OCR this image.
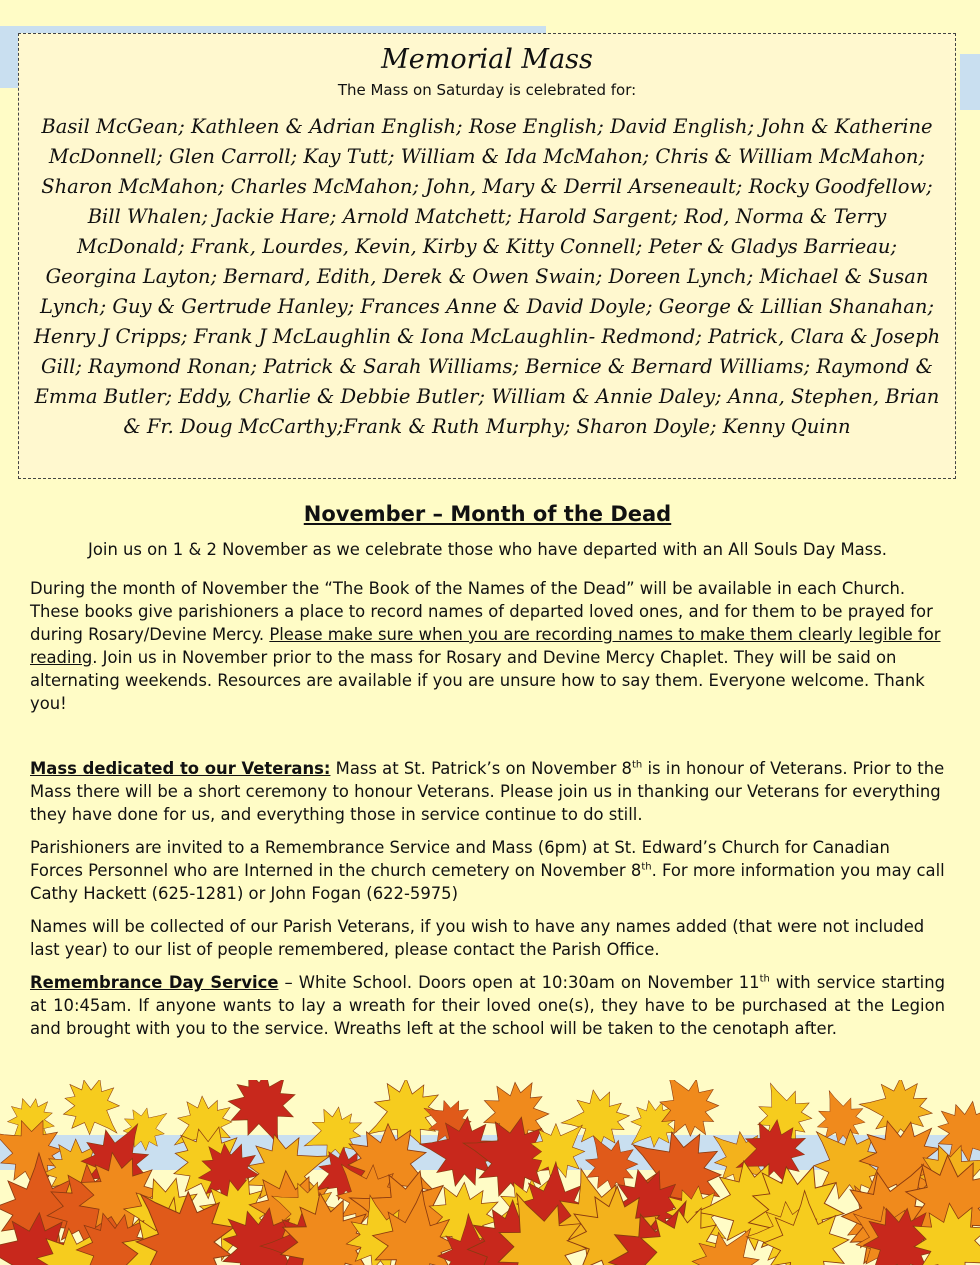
Memorial Mass
The Mass on Saturday is celebrated for:
Basil McGean; Kathleen & Adrian English; Rose English; David English; John & Katherine McDonnell; Glen Carroll; Kay Tutt; William & Ida McMahon; Chris & William McMahon; Sharon McMahon; Charles McMahon; John, Mary & Derril Arseneault; Rocky Goodfellow; Bill Whalen; Jackie Hare; Arnold Matchett; Harold Sargent; Rod, Norma & Terry McDonald; Frank, Lourdes, Kevin, Kirby & Kitty Connell; Peter & Gladys Barrieau; Georgina Layton; Bernard, Edith, Derek & Owen Swain; Doreen Lynch; Michael & Susan Lynch; Guy & Gertrude Hanley; Frances Anne & David Doyle; George & Lillian Shanahan; Henry J Cripps; Frank J McLaughlin & Iona McLaughlin- Redmond; Patrick, Clara & Joseph Gill; Raymond Ronan; Patrick & Sarah Williams; Bernice & Bernard Williams; Raymond & Emma Butler; Eddy, Charlie & Debbie Butler; William & Annie Daley; Anna, Stephen, Brian & Fr. Doug McCarthy;Frank & Ruth Murphy; Sharon Doyle; Kenny Quinn
November – Month of the Dead
Join us on 1 & 2 November as we celebrate those who have departed with an All Souls Day Mass.

During the month of November the “The Book of the Names of the Dead” will be available in each Church. These books give parishioners a place to record names of departed loved ones, and for them to be prayed for during Rosary/Devine Mercy. Please make sure when you are recording names to make them clearly legible for reading. Join us in November prior to the mass for Rosary and Devine Mercy Chaplet. They will be said on alternating weekends. Resources are available if you are unsure how to say them. Everyone welcome. Thank you!

Mass dedicated to our Veterans: Mass at St. Patrick’s on November 8th is in honour of Veterans. Prior to the Mass there will be a short ceremony to honour Veterans. Please join us in thanking our Veterans for everything they have done for us, and everything those in service continue to do still.

Parishioners are invited to a Remembrance Service and Mass (6pm) at St. Edward’s Church for Canadian Forces Personnel who are Interned in the church cemetery on November 8th. For more information you may call Cathy Hackett (625-1281) or John Fogan (622-5975)

Names will be collected of our Parish Veterans, if you wish to have any names added (that were not included last year) to our list of people remembered, please contact the Parish Office.

Remembrance Day Service – White School. Doors open at 10:30am on November 11th with service starting at 10:45am. If anyone wants to lay a wreath for their loved one(s), they have to be purchased at the Legion and brought with you to the service. Wreaths left at the school will be taken to the cenotaph after.
